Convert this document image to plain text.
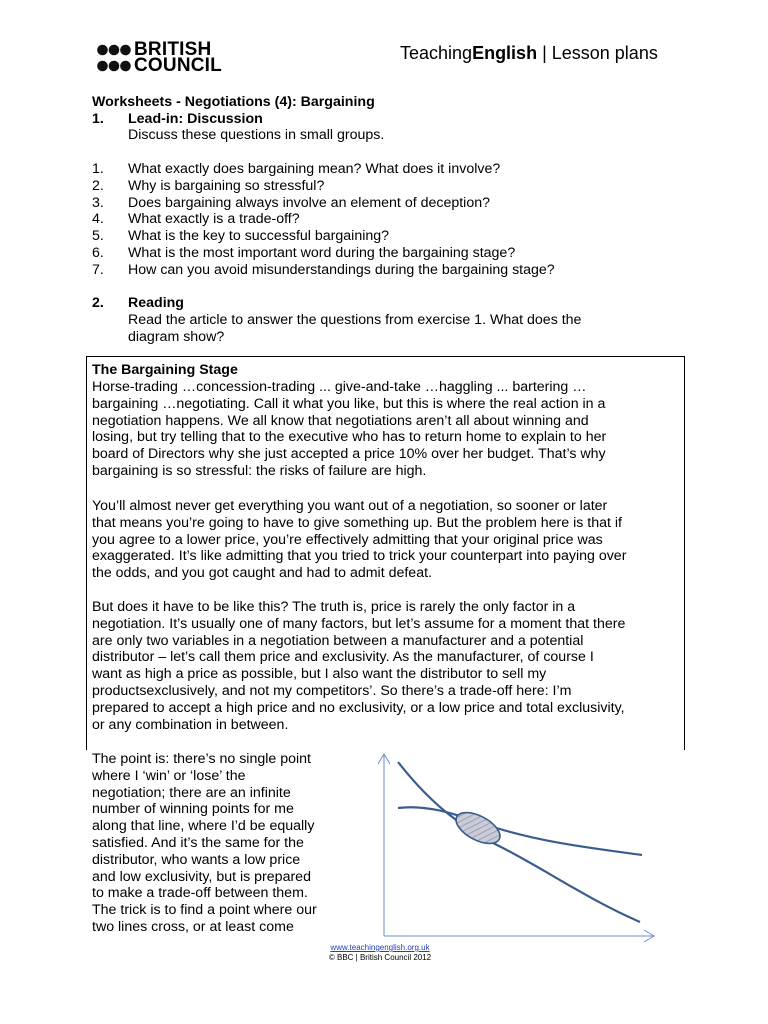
BRITISH
COUNCIL
TeachingEnglish | Lesson plans
Worksheets - Negotiations (4): Bargaining
1. Lead-in: Discussion
Discuss these questions in small groups.
1. What exactly does bargaining mean? What does it involve?
2. Why is bargaining so stressful?
3. Does bargaining always involve an element of deception?
4. What exactly is a trade-off?
5. What is the key to successful bargaining?
6. What is the most important word during the bargaining stage?
7. How can you avoid misunderstandings during the bargaining stage?
2. Reading
Read the article to answer the questions from exercise 1. What does the
diagram show?
The Bargaining Stage
Horse-trading …concession-trading ... give-and-take …haggling ... bartering …
bargaining …negotiating. Call it what you like, but this is where the real action in a
negotiation happens. We all know that negotiations aren’t all about winning and
losing, but try telling that to the executive who has to return home to explain to her
board of Directors why she just accepted a price 10% over her budget. That’s why
bargaining is so stressful: the risks of failure are high.
You’ll almost never get everything you want out of a negotiation, so sooner or later
that means you’re going to have to give something up. But the problem here is that if
you agree to a lower price, you’re effectively admitting that your original price was
exaggerated. It’s like admitting that you tried to trick your counterpart into paying over
the odds, and you got caught and had to admit defeat.
But does it have to be like this? The truth is, price is rarely the only factor in a
negotiation. It’s usually one of many factors, but let’s assume for a moment that there
are only two variables in a negotiation between a manufacturer and a potential
distributor – let’s call them price and exclusivity. As the manufacturer, of course I
want as high a price as possible, but I also want the distributor to sell my
productsexclusively, and not my competitors’. So there’s a trade-off here: I’m
prepared to accept a high price and no exclusivity, or a low price and total exclusivity,
or any combination in between.
The point is: there’s no single point
where I ‘win’ or ‘lose’ the
negotiation; there are an infinite
number of winning points for me
along that line, where I’d be equally
satisfied. And it’s the same for the
distributor, who wants a low price
and low exclusivity, but is prepared
to make a trade-off between them.
The trick is to find a point where our
two lines cross, or at least come
www.teachingenglish.org.uk
© BBC | British Council 2012
